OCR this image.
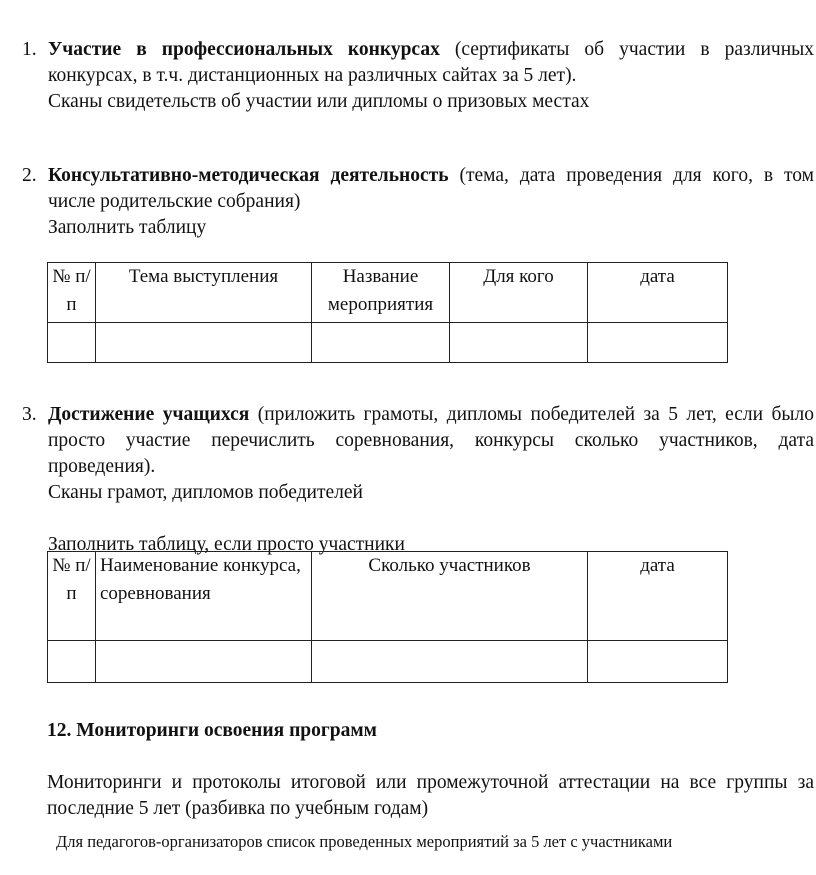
1. Участие в профессиональных конкурсах (сертификаты об участии в различных конкурсах, в т.ч. дистанционных на различных сайтах за 5 лет).
Сканы свидетельств об участии или дипломы о призовых местах
2. Консультативно-методическая деятельность (тема, дата проведения для кого, в том числе родительские собрания)
Заполнить таблицу
№ п/п	Тема выступления	Название мероприятия	Для кого	дата

3. Достижение учащихся (приложить грамоты, дипломы победителей за 5 лет, если было просто участие перечислить соревнования, конкурсы сколько участников, дата проведения).
Сканы грамот, дипломов победителей
Заполнить таблицу, если просто участники
№ п/п	Наименование конкурса, соревнования	Сколько участников	дата

12. Мониторинги освоения программ
Мониторинги и протоколы итоговой или промежуточной аттестации на все группы за последние 5 лет (разбивка по учебным годам)
Для педагогов-организаторов список проведенных мероприятий за 5 лет с участниками
